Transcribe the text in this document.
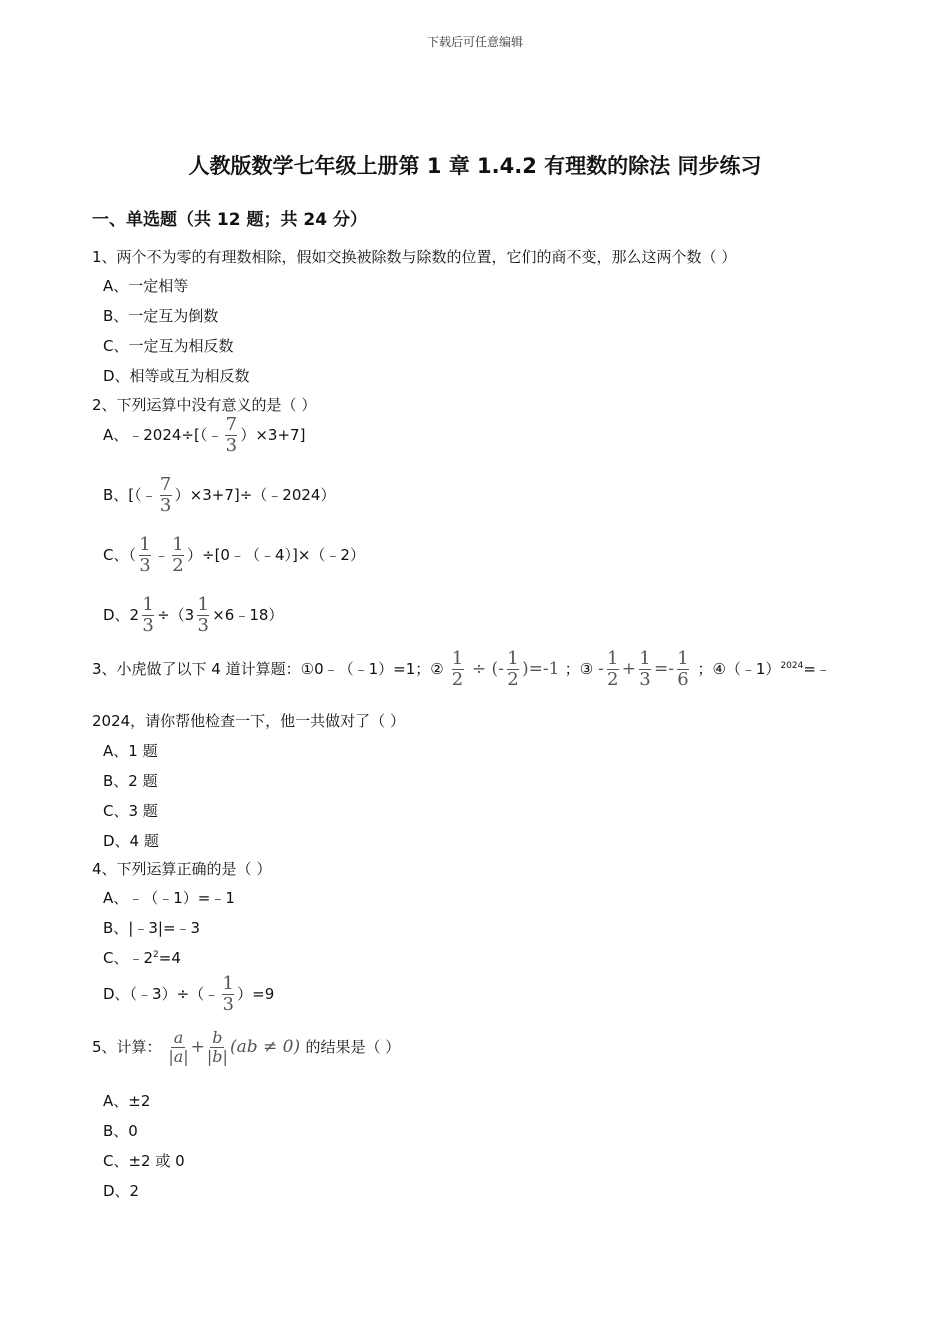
下载后可任意编辑
人教版数学七年级上册第 1 章 1.4.2 有理数的除法 同步练习
一、单选题（共 12 题；共 24 分）
1、两个不为零的有理数相除，假如交换被除数与除数的位置，它们的商不变，那么这两个数（ ）
A、一定相等
B、一定互为倒数
C、一定互为相反数
D、相等或互为相反数
2、下列运算中没有意义的是（ ）
A、﹣2024÷[（﹣ $\frac{7}{3} )\times 3+7$]
B、[（﹣ $\frac{7}{3}$ ）×3+7]÷（﹣2024）
C、（ $\frac{1}{3}$ ﹣ $\frac{1}{2}$ ）÷[0﹣（﹣4）]×（﹣2）
D、$2 \frac{1}{3} \div(3 \frac{1}{3}$ ×6﹣18）
3、小虎做了以下 4 道计算题：①0﹣（﹣1）=1；② $\frac{1}{2}$ ÷ (- $\frac{1}{2} )=-1$ ；③ - $\frac{1}{2} + \frac{1}{3} =- \frac{1}{6}$ ；④（﹣1）$^{2024}$=﹣
2024，请你帮他检查一下，他一共做对了（ ）
A、1 题
B、2 题
C、3 题
D、4 题
4、下列运算正确的是（ ）
A、﹣（﹣1）=﹣1
B、|﹣3|=﹣3
C、$﹣2^2=4$
D、（﹣3）÷（﹣ $\frac{1}{3} )=9$
5、计算： $\frac{a}{|a|} + \frac{b}{|b|} (ab \ne 0)$ 的结果是（ ）
A、±2
B、0
C、±2 或 0
D、2
